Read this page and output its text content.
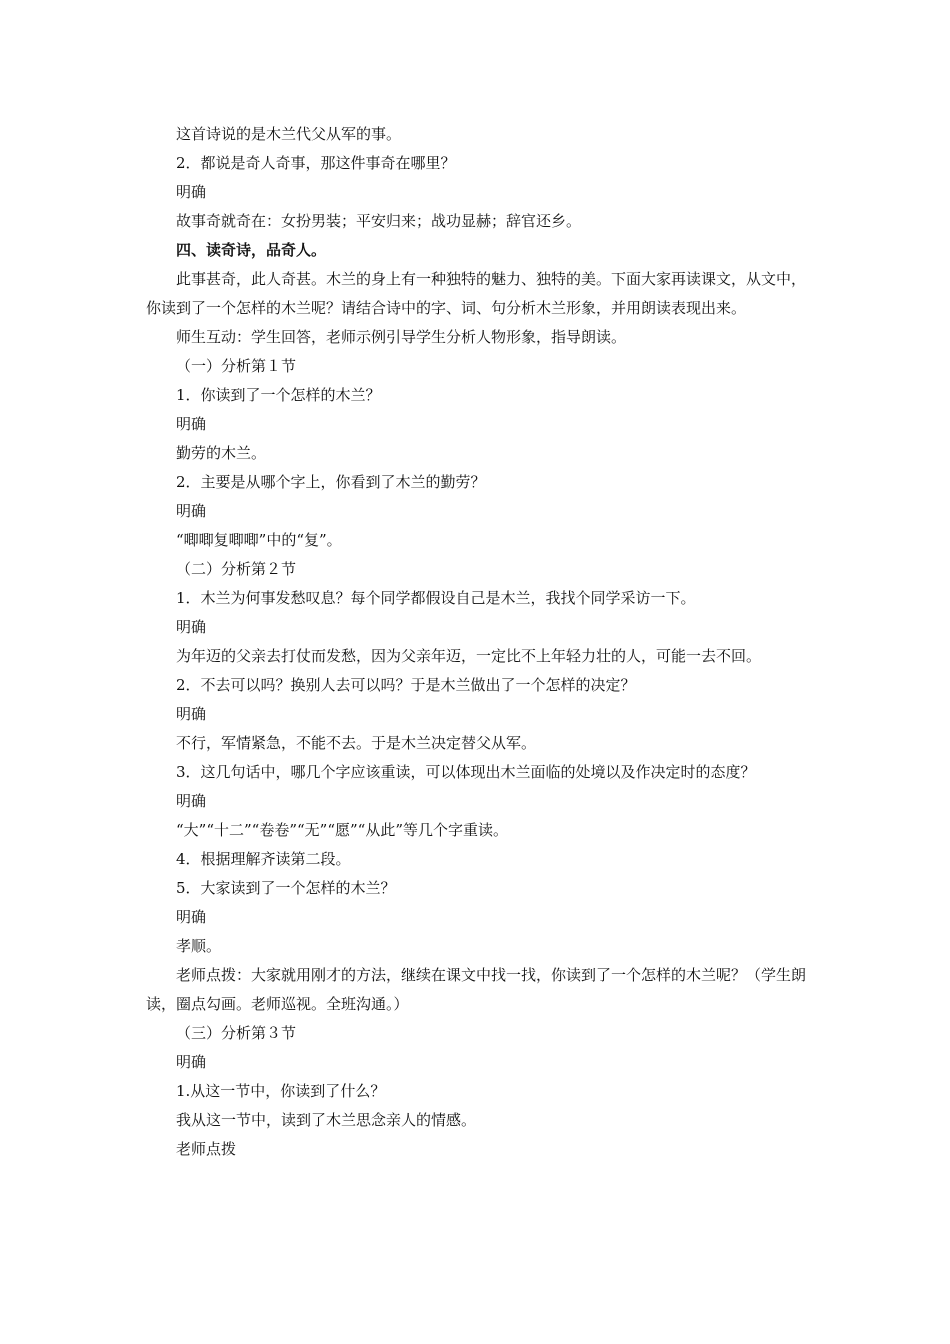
这首诗说的是木兰代父从军的事。

2．都说是奇人奇事，那这件事奇在哪里？

明确

故事奇就奇在：女扮男装；平安归来；战功显赫；辞官还乡。

四、读奇诗，品奇人。

此事甚奇，此人奇甚。木兰的身上有一种独特的魅力、独特的美。下面大家再读课文，从文中，你读到了一个怎样的木兰呢？请结合诗中的字、词、句分析木兰形象，并用朗读表现出来。

师生互动：学生回答，老师示例引导学生分析人物形象，指导朗读。

（一）分析第１节

1．你读到了一个怎样的木兰？

明确

勤劳的木兰。

2．主要是从哪个字上，你看到了木兰的勤劳？

明确

“唧唧复唧唧”中的“复”。

（二）分析第２节

1．木兰为何事发愁叹息？每个同学都假设自己是木兰，我找个同学采访一下。

明确

为年迈的父亲去打仗而发愁，因为父亲年迈，一定比不上年轻力壮的人，可能一去不回。

2．不去可以吗？换别人去可以吗？于是木兰做出了一个怎样的决定？

明确

不行，军情紧急，不能不去。于是木兰决定替父从军。

3．这几句话中，哪几个字应该重读，可以体现出木兰面临的处境以及作决定时的态度？

明确

“大”“十二”“卷卷”“无”“愿”“从此”等几个字重读。

4．根据理解齐读第二段。

5．大家读到了一个怎样的木兰？

明确

孝顺。

老师点拨：大家就用刚才的方法，继续在课文中找一找，你读到了一个怎样的木兰呢？（学生朗读，圈点勾画。老师巡视。全班沟通。）

（三）分析第３节

明确

1.从这一节中，你读到了什么？

我从这一节中，读到了木兰思念亲人的情感。

老师点拨
